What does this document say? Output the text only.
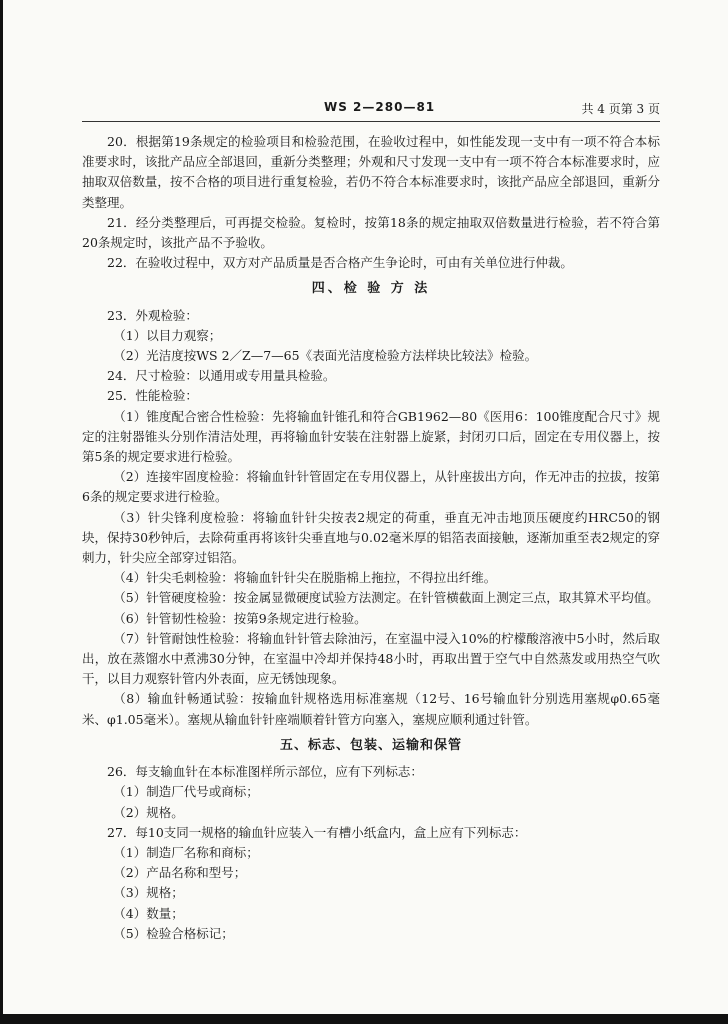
WS 2—280—81	共 4 页第 3 页

20．根据第19条规定的检验项目和检验范围，在验收过程中，如性能发现一支中有一项不符合本标准要求时，该批产品应全部退回，重新分类整理；外观和尺寸发现一支中有一项不符合本标准要求时，应抽取双倍数量，按不合格的项目进行重复检验，若仍不符合本标准要求时，该批产品应全部退回，重新分类整理。

21．经分类整理后，可再提交检验。复检时，按第18条的规定抽取双倍数量进行检验，若不符合第20条规定时，该批产品不予验收。

22．在验收过程中，双方对产品质量是否合格产生争论时，可由有关单位进行仲裁。

四、检 验 方 法

23．外观检验：

（1）以目力观察；

（2）光洁度按WS 2／Z—7—65《表面光洁度检验方法样块比较法》检验。

24．尺寸检验：以通用或专用量具检验。

25．性能检验：

（1）锥度配合密合性检验：先将输血针锥孔和符合GB1962—80《医用6：100锥度配合尺寸》规定的注射器锥头分别作清洁处理，再将输血针安装在注射器上旋紧，封闭刃口后，固定在专用仪器上，按第5条的规定要求进行检验。

（2）连接牢固度检验：将输血针针管固定在专用仪器上，从针座拔出方向，作无冲击的拉拔，按第6条的规定要求进行检验。

（3）针尖锋利度检验：将输血针针尖按表2规定的荷重，垂直无冲击地顶压硬度约HRC50的钢块，保持30秒钟后，去除荷重再将该针尖垂直地与0.02毫米厚的铝箔表面接触，逐渐加重至表2规定的穿刺力，针尖应全部穿过铝箔。

（4）针尖毛刺检验：将输血针针尖在脱脂棉上拖拉，不得拉出纤维。

（5）针管硬度检验：按金属显微硬度试验方法测定。在针管横截面上测定三点，取其算术平均值。

（6）针管韧性检验：按第9条规定进行检验。

（7）针管耐蚀性检验：将输血针针管去除油污，在室温中浸入10%的柠檬酸溶液中5小时，然后取出，放在蒸馏水中煮沸30分钟，在室温中冷却并保持48小时，再取出置于空气中自然蒸发或用热空气吹干，以目力观察针管内外表面，应无锈蚀现象。

（8）输血针畅通试验：按输血针规格选用标准塞规（12号、16号输血针分别选用塞规φ0.65毫米、φ1.05毫米）。塞规从输血针针座端顺着针管方向塞入，塞规应顺利通过针管。

五、标志、包装、运输和保管

26．每支输血针在本标准图样所示部位，应有下列标志：

（1）制造厂代号或商标；

（2）规格。

27．每10支同一规格的输血针应装入一有槽小纸盒内，盒上应有下列标志：

（1）制造厂名称和商标；

（2）产品名称和型号；

（3）规格；

（4）数量；

（5）检验合格标记；
